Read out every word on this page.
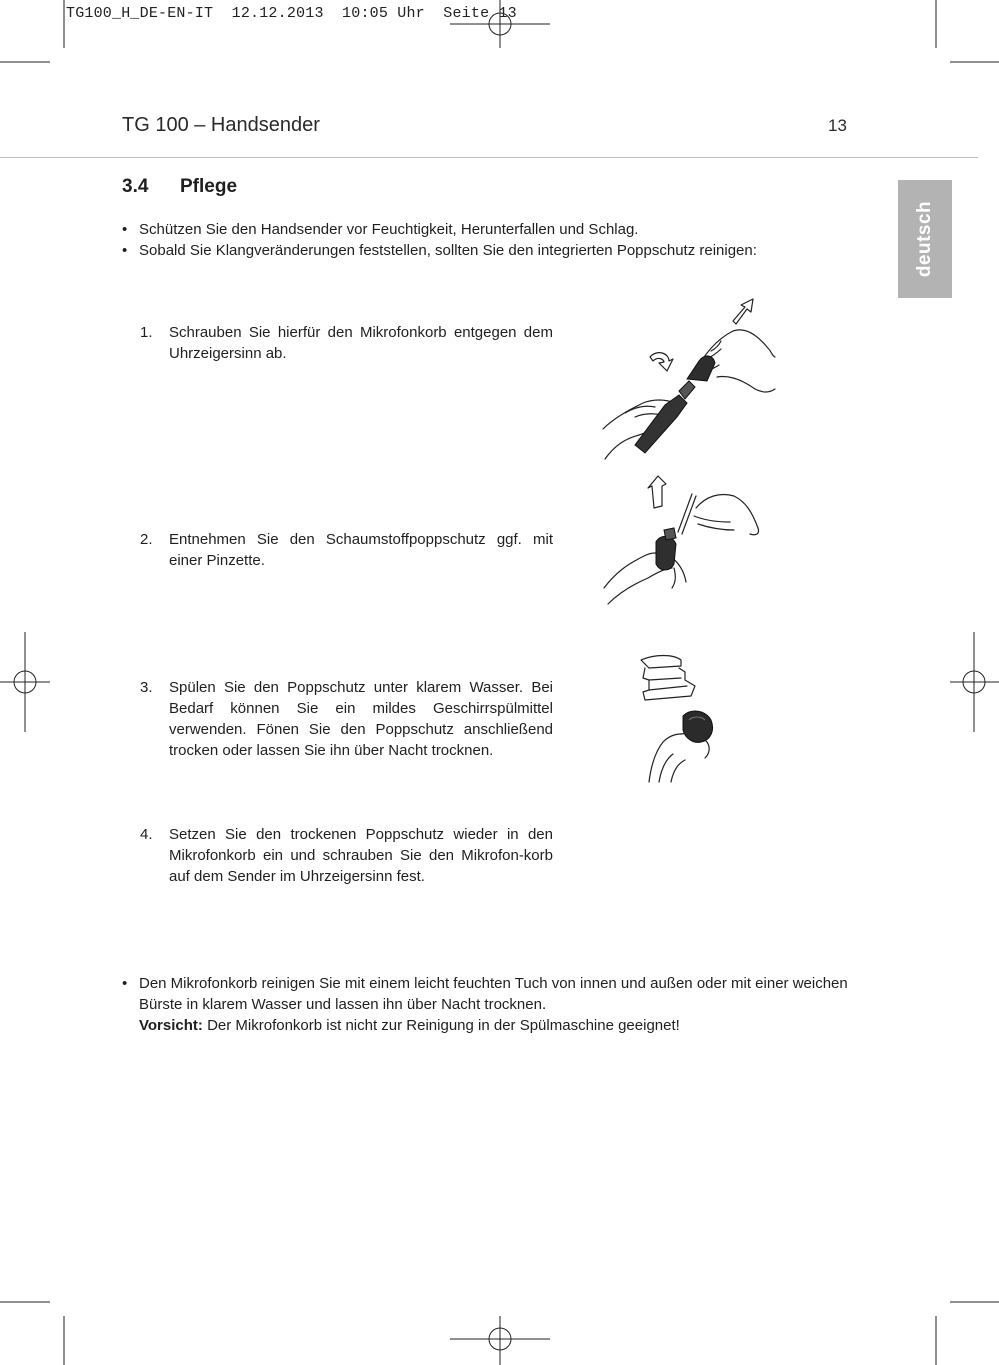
TG100_H_DE-EN-IT  12.12.2013  10:05 Uhr  Seite 13
TG 100 – Handsender	13
deutsch
3.4 Pflege
• Schützen Sie den Handsender vor Feuchtigkeit, Herunterfallen und Schlag.
• Sobald Sie Klangveränderungen feststellen, sollten Sie den integrierten Poppschutz reinigen:
1. Schrauben Sie hierfür den Mikrofonkorb entgegen dem Uhrzeigersinn ab.
2. Entnehmen Sie den Schaumstoffpoppschutz ggf. mit einer Pinzette.
3. Spülen Sie den Poppschutz unter klarem Wasser. Bei Bedarf können Sie ein mildes Geschirrspülmittel verwenden. Fönen Sie den Poppschutz anschließend trocken oder lassen Sie ihn über Nacht trocknen.
4. Setzen Sie den trockenen Poppschutz wieder in den Mikrofonkorb ein und schrauben Sie den Mikrofon-korb auf dem Sender im Uhrzeigersinn fest.
• Den Mikrofonkorb reinigen Sie mit einem leicht feuchten Tuch von innen und außen oder mit einer weichen Bürste in klarem Wasser und lassen ihn über Nacht trocknen.
Vorsicht: Der Mikrofonkorb ist nicht zur Reinigung in der Spülmaschine geeignet!
